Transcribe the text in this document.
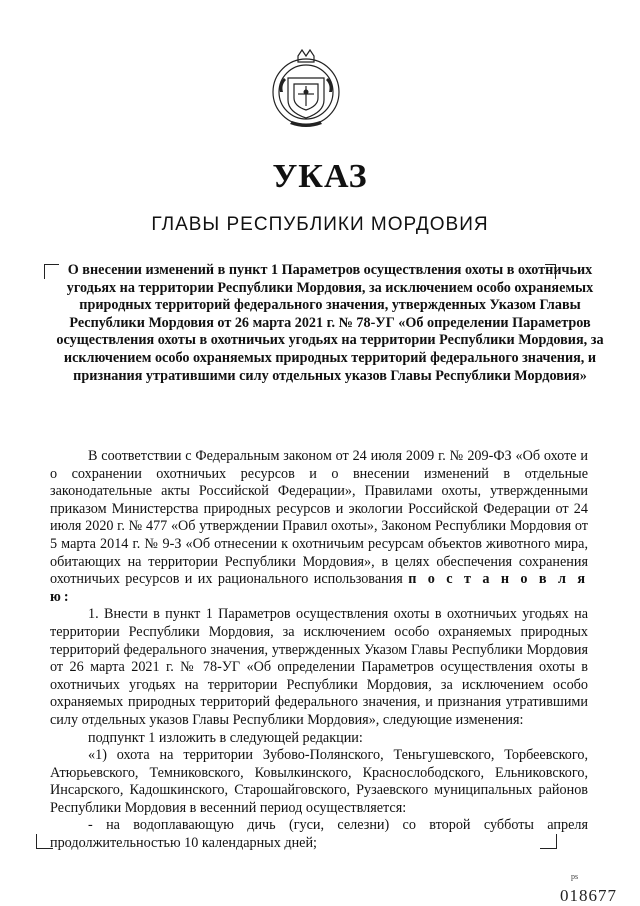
УКАЗ
ГЛАВЫ РЕСПУБЛИКИ МОРДОВИЯ
О внесении изменений в пункт 1 Параметров осуществления охоты в охотничьих угодьях на территории Республики Мордовия, за исключением особо охраняемых природных территорий федерального значения, утвержденных Указом Главы Республики Мордовия от 26 марта 2021 г. № 78-УГ «Об определении Параметров осуществления охоты в охотничьих угодьях на территории Республики Мордовия, за исключением особо охраняемых природных территорий федерального значения, и признания утратившими силу отдельных указов Главы Республики Мордовия»

В соответствии с Федеральным законом от 24 июля 2009 г. № 209-ФЗ «Об охоте и о сохранении охотничьих ресурсов и о внесении изменений в отдельные законодательные акты Российской Федерации», Правилами охоты, утвержденными приказом Министерства природных ресурсов и экологии Российской Федерации от 24 июля 2020 г. № 477 «Об утверждении Правил охоты», Законом Республики Мордовия от 5 марта 2014 г. № 9-З «Об отнесении к охотничьим ресурсам объектов животного мира, обитающих на территории Республики Мордовия», в целях обеспечения сохранения охотничьих ресурсов и их рационального использования п о с т а н о в л я ю:

1. Внести в пункт 1 Параметров осуществления охоты в охотничьих угодьях на территории Республики Мордовия, за исключением особо охраняемых природных территорий федерального значения, утвержденных Указом Главы Республики Мордовия от 26 марта 2021 г. № 78-УГ «Об определении Параметров осуществления охоты в охотничьих угодьях на территории Республики Мордовия, за исключением особо охраняемых природных территорий федерального значения, и признания утратившими силу отдельных указов Главы Республики Мордовия», следующие изменения:

подпункт 1 изложить в следующей редакции:

«1) охота на территории Зубово-Полянского, Теньгушевского, Торбеевского, Атюрьевского, Темниковского, Ковылкинского, Краснослободского, Ельниковского, Инсарского, Кадошкинского, Старошайговского, Рузаевского муниципальных районов Республики Мордовия в весенний период осуществляется:

- на водоплавающую дичь (гуси, селезни) со второй субботы апреля продолжительностью 10 календарных дней;

ps
018677
